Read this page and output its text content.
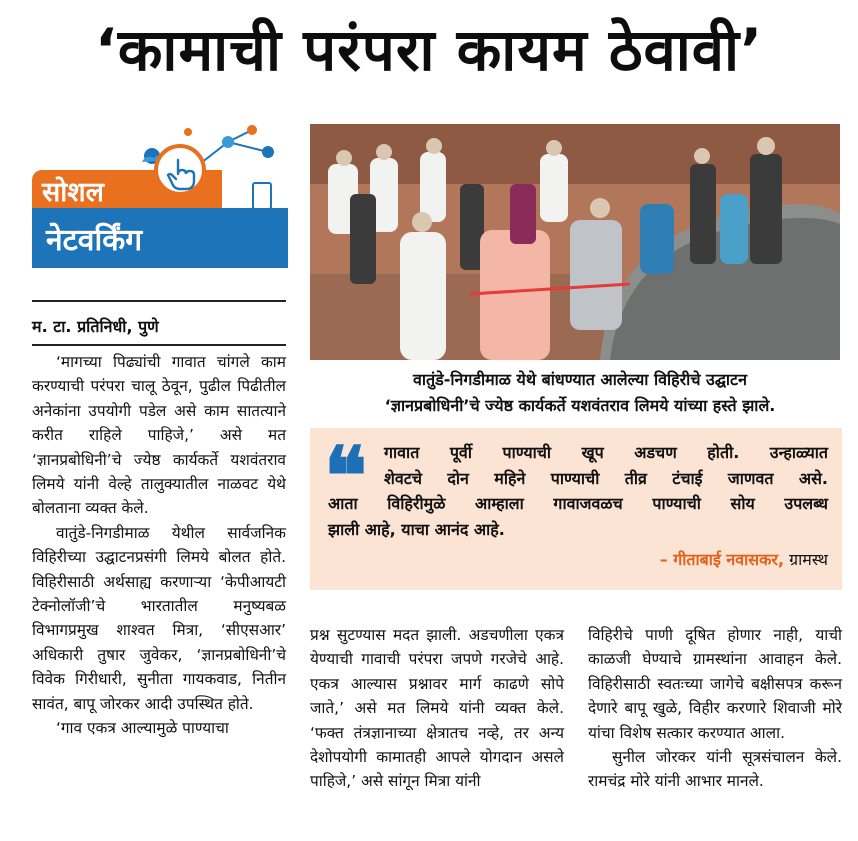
‘कामाची परंपरा कायम ठेवावी’
सोशल
नेटवर्किंग
म. टा. प्रतिनिधी, पुणे

‘मागच्या पिढ्यांची गावात चांगले काम करण्याची परंपरा चालू ठेवून, पुढील पिढीतील अनेकांना उपयोगी पडेल असे काम सातत्याने करीत राहिले पाहिजे,’ असे मत ‘ज्ञानप्रबोधिनी’चे ज्येष्ठ कार्यकर्ते यशवंतराव लिमये यांनी वेल्हे तालुक्यातील नाळवट येथे बोलताना व्यक्त केले.

वातुंडे-निगडीमाळ येथील सार्वजनिक विहिरीच्या उद्घाटनप्रसंगी लिमये बोलत होते. विहिरीसाठी अर्थसाह्य करणाऱ्या ‘केपीआयटी टेक्नोलॉजी’चे भारतातील मनुष्यबळ विभागप्रमुख शाश्वत मित्रा, ‘सीएसआर’ अधिकारी तुषार जुवेकर, ‘ज्ञानप्रबोधिनी’चे विवेक गिरीधारी, सुनीता गायकवाड, नितीन सावंत, बापू जोरकर आदी उपस्थित होते.

‘गाव एकत्र आल्यामुळे पाण्याचा

वातुंडे-निगडीमाळ येथे बांधण्यात आलेल्या विहिरीचे उद्घाटन
‘ज्ञानप्रबोधिनी’चे ज्येष्ठ कार्यकर्ते यशवंतराव लिमये यांच्या हस्ते झाले.
❝	गावात पूर्वी पाण्याची खूप अडचण होती. उन्हाळ्यात
शेवटचे दोन महिने पाण्याची तीव्र टंचाई जाणवत असे.
आता विहिरीमुळे आम्हाला गावाजवळच पाण्याची सोय उपलब्ध
झाली आहे, याचा आनंद आहे.
– गीताबाई नवासकर, ग्रामस्थ

प्रश्न सुटण्यास मदत झाली. अडचणीला एकत्र येण्याची गावाची परंपरा जपणे गरजेचे आहे. एकत्र आल्यास प्रश्नावर मार्ग काढणे सोपे जाते,’ असे मत लिमये यांनी व्यक्त केले. ‘फक्त तंत्रज्ञानाच्या क्षेत्रातच नव्हे, तर अन्य देशोपयोगी कामातही आपले योगदान असले पाहिजे,’ असे सांगून मित्रा यांनी

विहिरीचे पाणी दूषित होणार नाही, याची काळजी घेण्याचे ग्रामस्थांना आवाहन केले. विहिरीसाठी स्वतःच्या जागेचे बक्षीसपत्र करून देणारे बापू खुळे, विहीर करणारे शिवाजी मोरे यांचा विशेष सत्कार करण्यात आला.

सुनील जोरकर यांनी सूत्रसंचालन केले. रामचंद्र मोरे यांनी आभार मानले.
